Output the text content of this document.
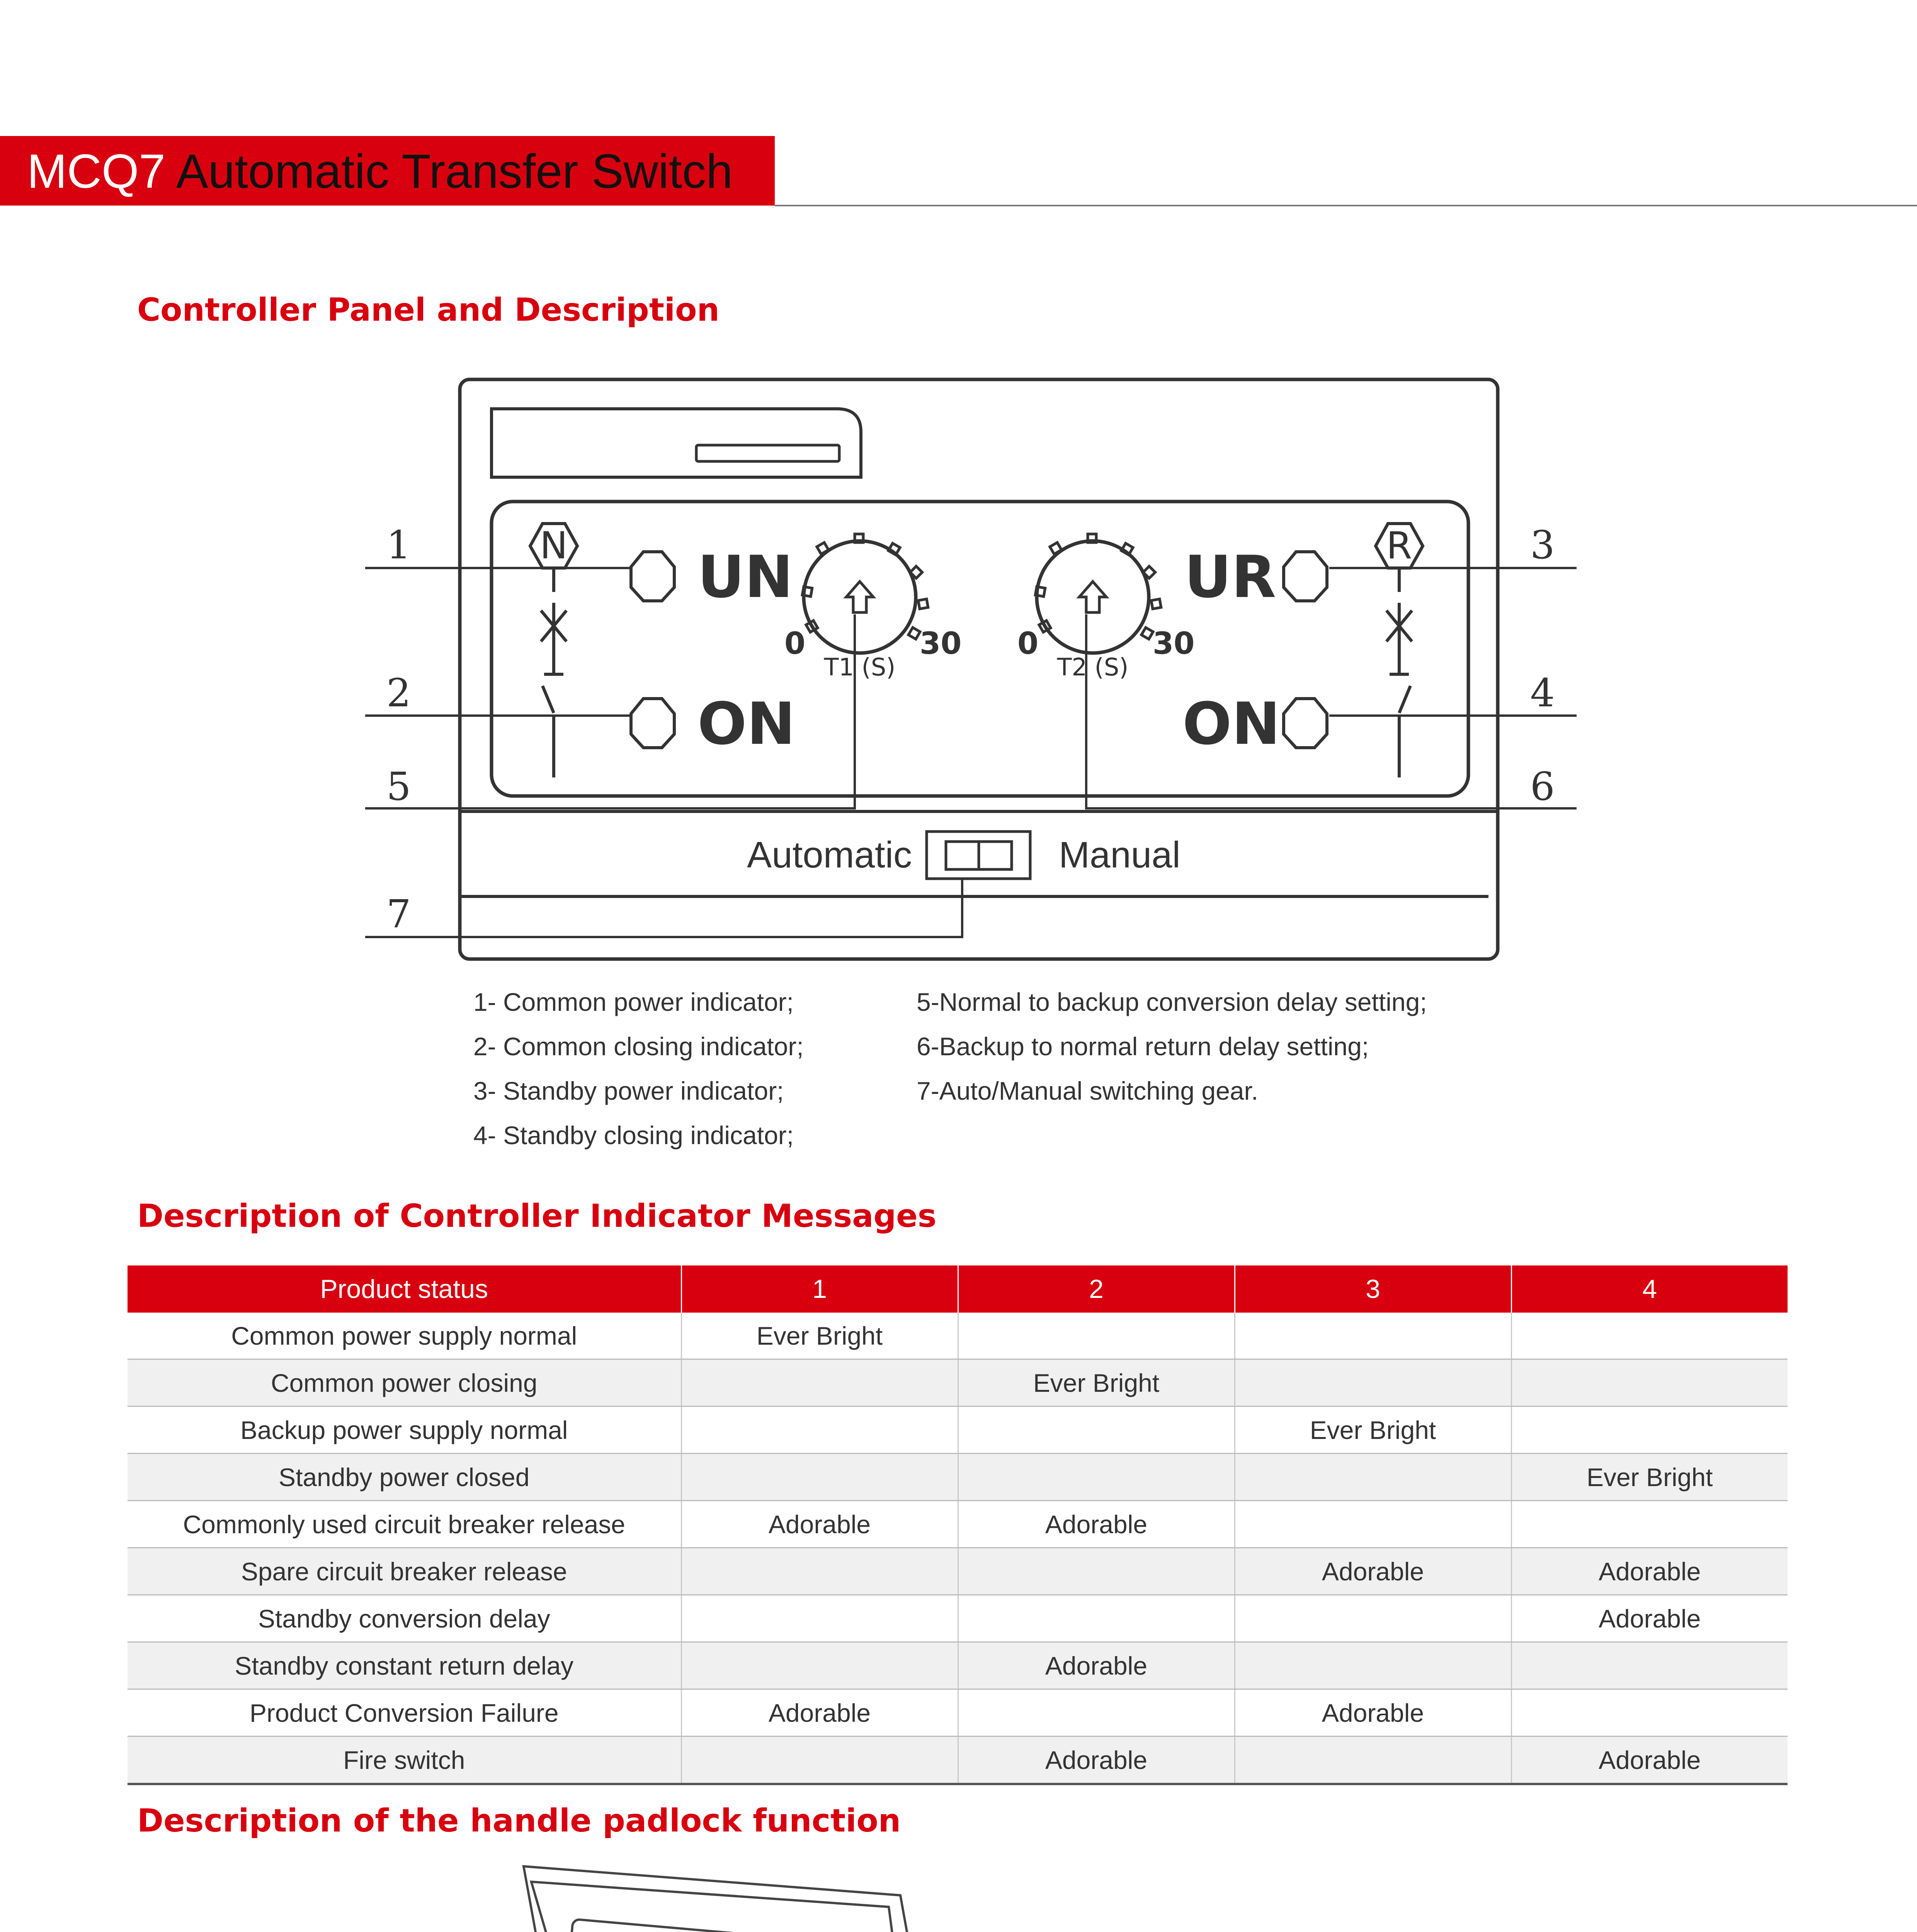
MCQ7 Automatic Transfer Switch
Controller Panel and Description
N	R
UN	UR
ON	ON
0	30
T1 (S)
0	30
T2 (S)
1
2
3
4
5	6
7
Automatic	Manual
1- Common power indicator;
2- Common closing indicator;
3- Standby power indicator;
4- Standby closing indicator;
5-Normal to backup conversion delay setting;
6-Backup to normal return delay setting;
7-Auto/Manual switching gear.
Description of Controller Indicator Messages
Product status	1	2	3	4
Common power supply normal	Ever Bright			
Common power closing		Ever Bright		
Backup power supply normal			Ever Bright	
Standby power closed				Ever Bright
Commonly used circuit breaker release	Adorable	Adorable		
Spare circuit breaker release			Adorable	Adorable
Standby conversion delay				Adorable
Standby constant return delay		Adorable		
Product Conversion Failure	Adorable		Adorable	
Fire switch		Adorable		Adorable
Description of the handle padlock function
